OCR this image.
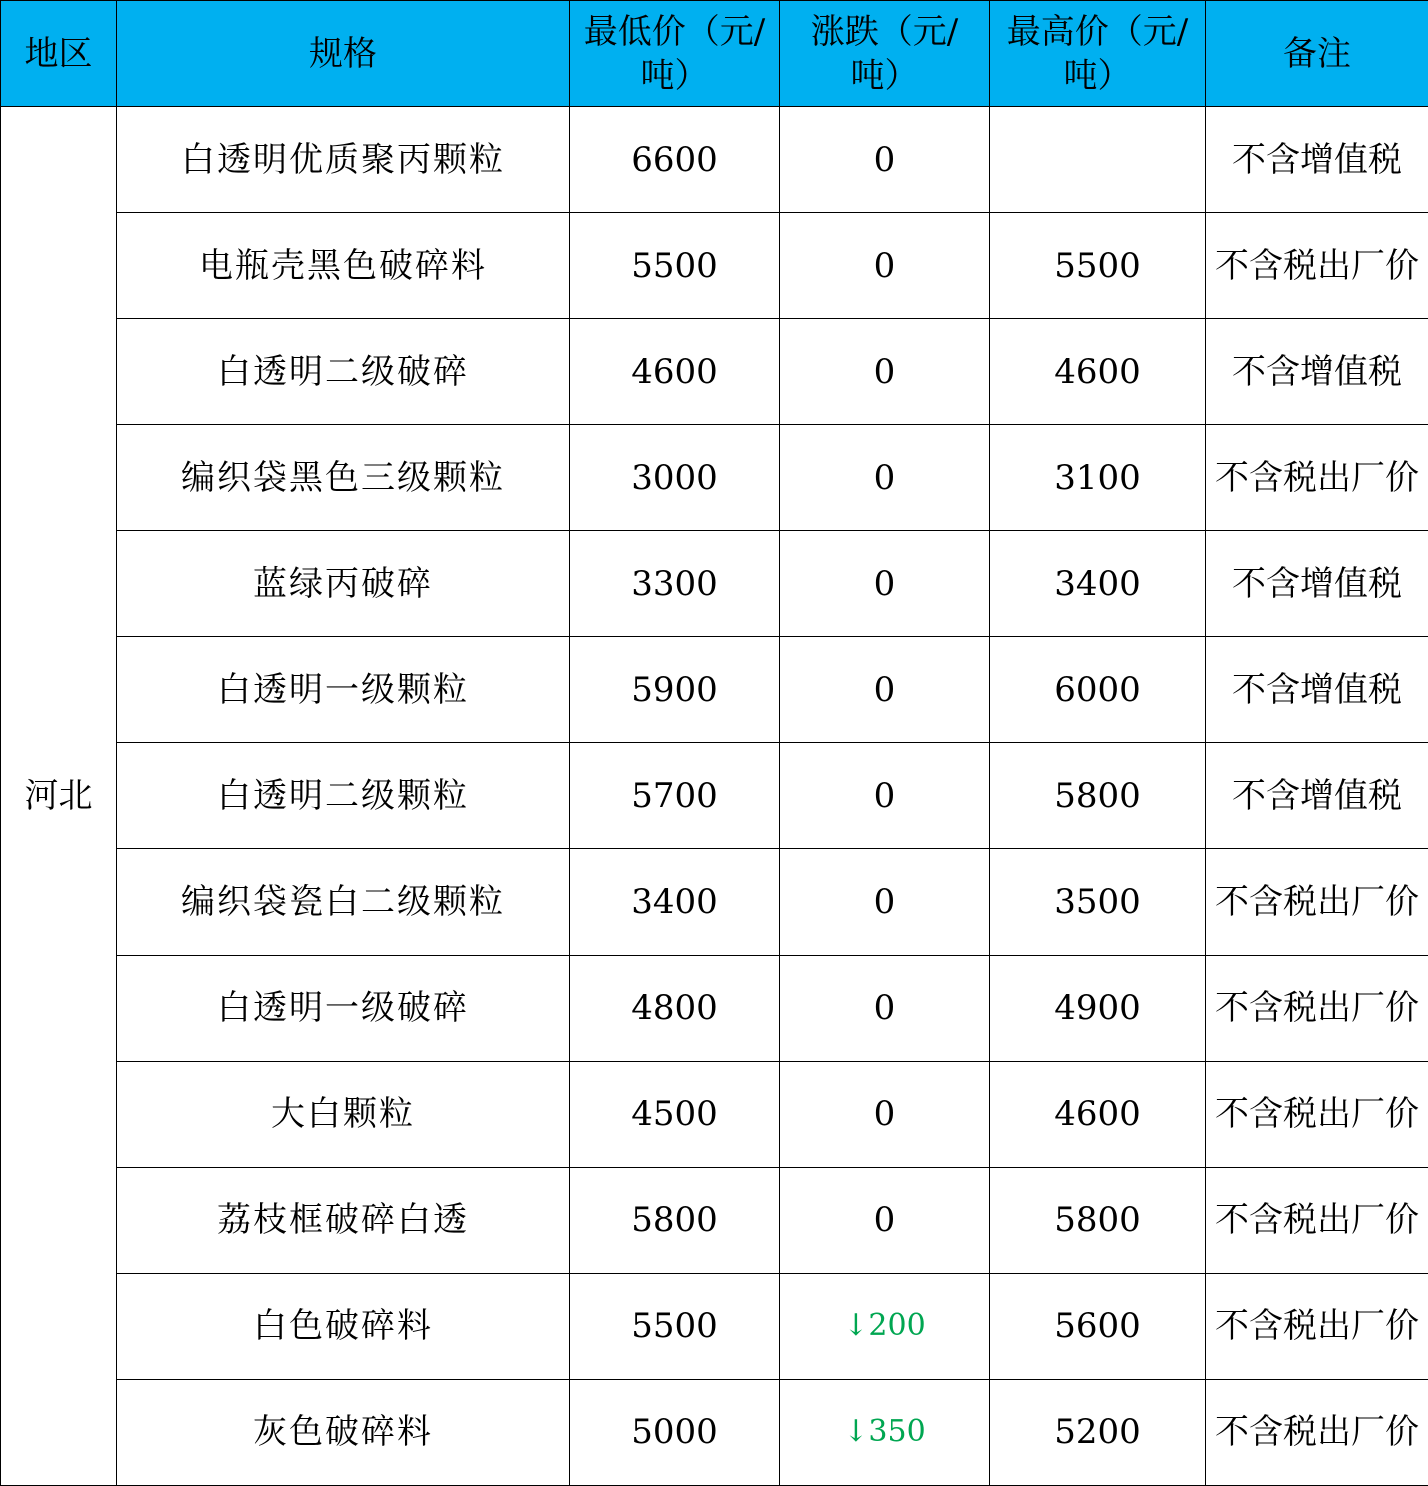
地区	规格	最低价（元/吨）	涨跌（元/吨）	最高价（元/吨）	备注
河北	白透明优质聚丙颗粒	6600	0		不含增值税
	电瓶壳黑色破碎料	5500	0	5500	不含税出厂价
	白透明二级破碎	4600	0	4600	不含增值税
	编织袋黑色三级颗粒	3000	0	3100	不含税出厂价
	蓝绿丙破碎	3300	0	3400	不含增值税
	白透明一级颗粒	5900	0	6000	不含增值税
	白透明二级颗粒	5700	0	5800	不含增值税
	编织袋瓷白二级颗粒	3400	0	3500	不含税出厂价
	白透明一级破碎	4800	0	4900	不含税出厂价
	大白颗粒	4500	0	4600	不含税出厂价
	荔枝框破碎白透	5800	0	5800	不含税出厂价
	白色破碎料	5500	↓200	5600	不含税出厂价
	灰色破碎料	5000	↓350	5200	不含税出厂价
